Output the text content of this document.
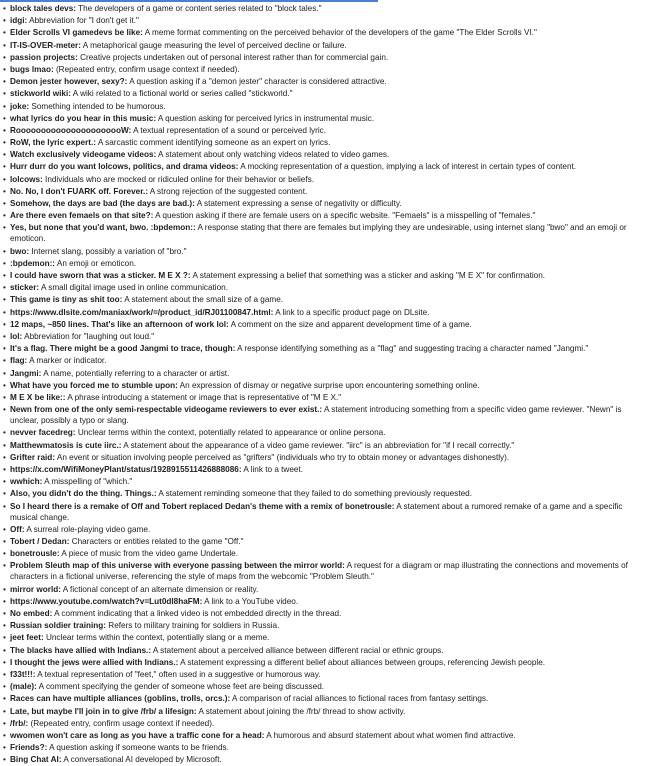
• block tales devs: The developers of a game or content series related to "block tales."
• idgi: Abbreviation for "I don't get it."
• Elder Scrolls VI gamedevs be like: A meme format commenting on the perceived behavior of the developers of the game "The Elder Scrolls VI."
• IT-IS-OVER-meter: A metaphorical gauge measuring the level of perceived decline or failure.
• passion projects: Creative projects undertaken out of personal interest rather than for commercial gain.
• bugs lmao: (Repeated entry, confirm usage context if needed).
• Demon jester however, sexy?: A question asking if a "demon jester" character is considered attractive.
• stickworld wiki: A wiki related to a fictional world or series called "stickworld."
• joke: Something intended to be humorous.
• what lyrics do you hear in this music: A question asking for perceived lyrics in instrumental music.
• RoooooooooooooooooooooW: A textual representation of a sound or perceived lyric.
• RoW, the lyric expert.: A sarcastic comment identifying someone as an expert on lyrics.
• Watch exclusively videogame videos: A statement about only watching videos related to video games.
• Hurr durr do you want lolcows, politics, and drama videos: A mocking representation of a question, implying a lack of interest in certain types of content.
• lolcows: Individuals who are mocked or ridiculed online for their behavior or beliefs.
• No. No, I don't FUARK off. Forever.: A strong rejection of the suggested content.
• Somehow, the days are bad (the days are bad.): A statement expressing a sense of negativity or difficulty.
• Are there even femaels on that site?: A question asking if there are female users on a specific website. "Femaels" is a misspelling of "females."
• Yes, but none that you'd want, bwo. :bpdemon:: A response stating that there are females but implying they are undesirable, using internet slang "bwo" and an emoji or emoticon.
• bwo: Internet slang, possibly a variation of "bro."
• :bpdemon:: An emoji or emoticon.
• I could have sworn that was a sticker. M E X ?: A statement expressing a belief that something was a sticker and asking "M E X" for confirmation.
• sticker: A small digital image used in online communication.
• This game is tiny as shit too: A statement about the small size of a game.
• https://www.dlsite.com/maniax/work/=/product_id/RJ01100847.html: A link to a specific product page on DLsite.
• 12 maps, ~850 lines. That's like an afternoon of work lol: A comment on the size and apparent development time of a game.
• lol: Abbreviation for "laughing out loud."
• It's a flag. There might be a good Jangmi to trace, though: A response identifying something as a "flag" and suggesting tracing a character named "Jangmi."
• flag: A marker or indicator.
• Jangmi: A name, potentially referring to a character or artist.
• What have you forced me to stumble upon: An expression of dismay or negative surprise upon encountering something online.
• M E X be like:: A phrase introducing a statement or image that is representative of "M E X."
• Newn from one of the only semi-respectable videogame reviewers to ever exist.: A statement introducing something from a specific video game reviewer. "Newn" is unclear, possibly a typo or slang.
• nevver facedreg: Unclear terms within the context, potentially related to appearance or online persona.
• Matthewmatosis is cute iirc.: A statement about the appearance of a video game reviewer. "iirc" is an abbreviation for "if I recall correctly."
• Grifter raid: An event or situation involving people perceived as "grifters" (individuals who try to obtain money or advantages dishonestly).
• https://x.com/WifiMoneyPlant/status/1928915511426888086: A link to a tweet.
• wwhich: A misspelling of "which."
• Also, you didn't do the thing. Things.: A statement reminding someone that they failed to do something previously requested.
• So I heard there is a remake of Off and Tobert replaced Dedan's theme with a remix of bonetrousle: A statement about a rumored remake of a game and a specific musical change.
• Off: A surreal role-playing video game.
• Tobert / Dedan: Characters or entities related to the game "Off."
• bonetrousle: A piece of music from the video game Undertale.
• Problem Sleuth map of this universe with everyone passing between the mirror world: A request for a diagram or map illustrating the connections and movements of characters in a fictional universe, referencing the style of maps from the webcomic "Problem Sleuth."
• mirror world: A fictional concept of an alternate dimension or reality.
• https://www.youtube.com/watch?v=Lut0dI8haFM: A link to a YouTube video.
• No embed: A comment indicating that a linked video is not embedded directly in the thread.
• Russian soldier training: Refers to military training for soldiers in Russia.
• jeet feet: Unclear terms within the context, potentially slang or a meme.
• The blacks have allied with Indians.: A statement about a perceived alliance between different racial or ethnic groups.
• I thought the jews were allied with Indians.: A statement expressing a different belief about alliances between groups, referencing Jewish people.
• f33t!!!: A textual representation of "feet," often used in a suggestive or humorous way.
• (male): A comment specifying the gender of someone whose feet are being discussed.
• Races can have multiple alliances (goblins, trolls, orcs.): A comparison of racial alliances to fictional races from fantasy settings.
• Late, but maybe I'll join in to give /frb/ a lifesign: A statement about joining the /frb/ thread to show activity.
• /frb/: (Repeated entry, confirm usage context if needed).
• wwomen won't care as long as you have a traffic cone for a head: A humorous and absurd statement about what women find attractive.
• Friends?: A question asking if someone wants to be friends.
• Bing Chat AI: A conversational AI developed by Microsoft.
